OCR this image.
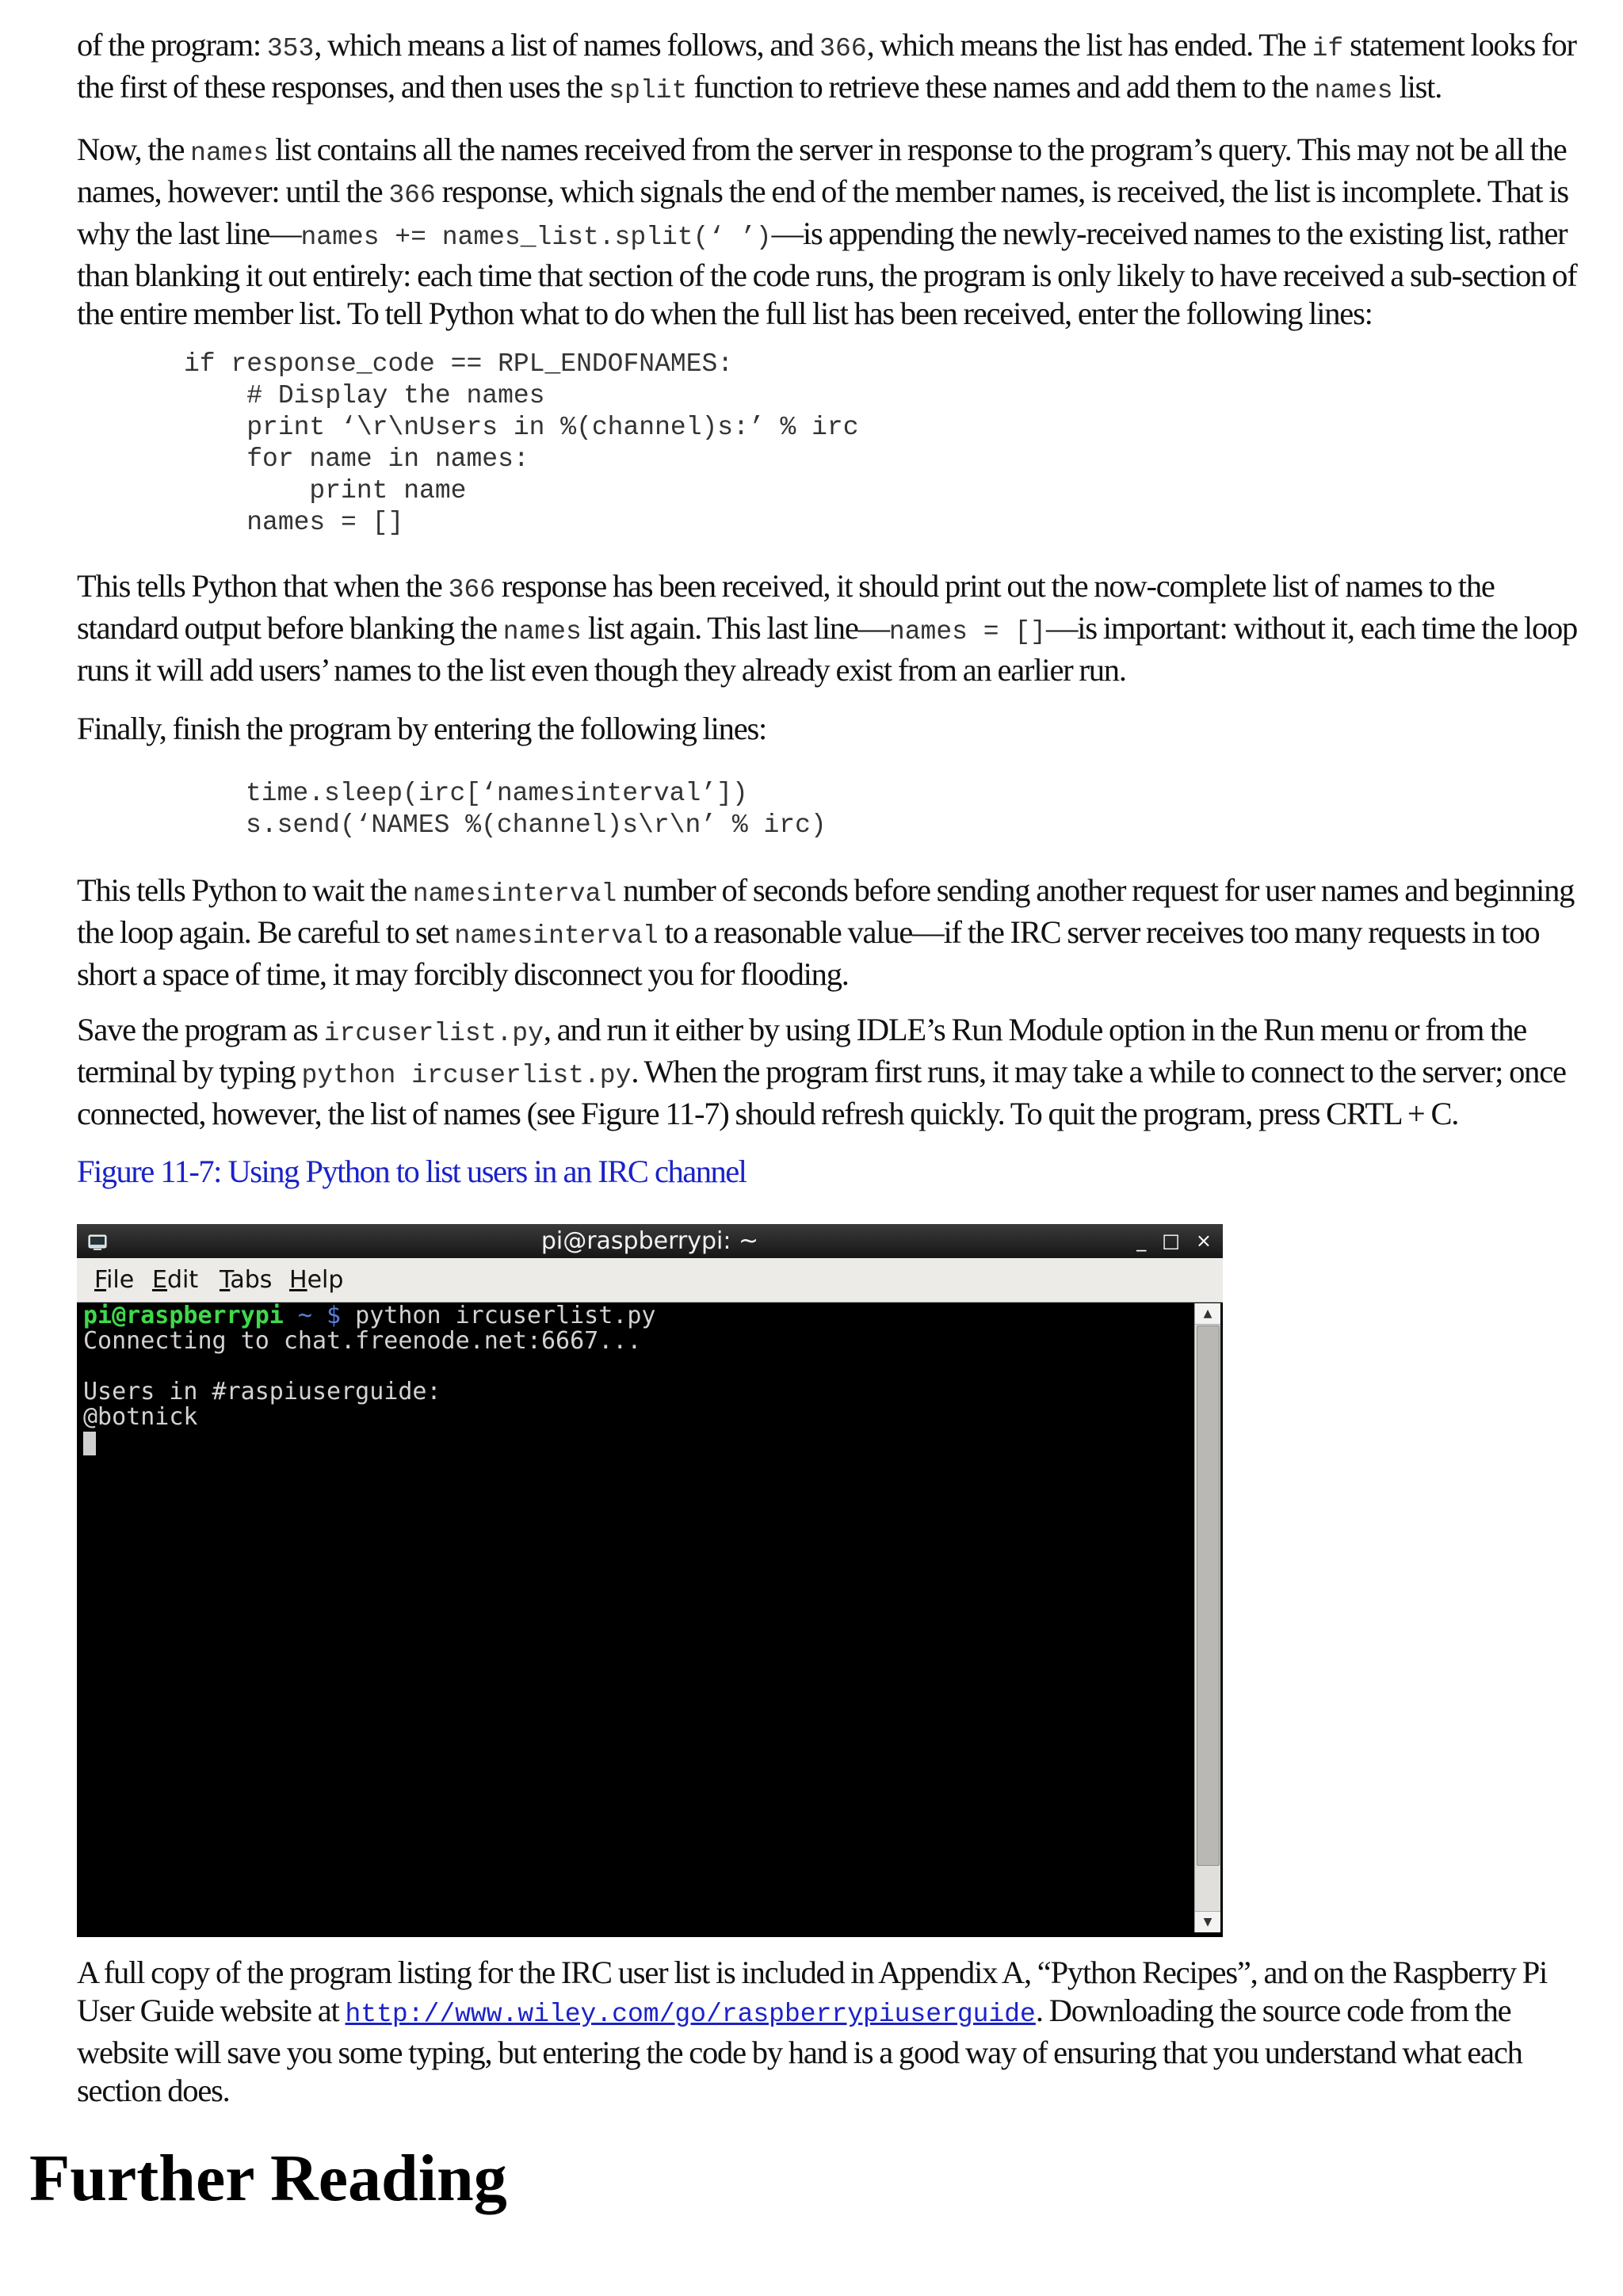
of the program: 353, which means a list of names follows, and 366, which means the list has ended. The if statement looks for the first of these responses, and then uses the split function to retrieve these names and add them to the names list.

Now, the names list contains all the names received from the server in response to the program’s query. This may not be all the names, however: until the 366 response, which signals the end of the member names, is received, the list is incomplete. That is why the last line—names += names_list.split(‘ ’)—is appending the newly-received names to the existing list, rather than blanking it out entirely: each time that section of the code runs, the program is only likely to have received a sub-section of the entire member list. To tell Python what to do when the full list has been received, enter the following lines:

if response_code == RPL_ENDOFNAMES:
# Display the names
print ‘\r\nUsers in %(channel)s:’ % irc
for name in names:
print name
names = []

This tells Python that when the 366 response has been received, it should print out the now-complete list of names to the standard output before blanking the names list again. This last line—names = []—is important: without it, each time the loop runs it will add users’ names to the list even though they already exist from an earlier run.

Finally, finish the program by entering the following lines:

time.sleep(irc[‘namesinterval’])
s.send(‘NAMES %(channel)s\r\n’ % irc)

This tells Python to wait the namesinterval number of seconds before sending another request for user names and beginning the loop again. Be careful to set namesinterval to a reasonable value—if the IRC server receives too many requests in too short a space of time, it may forcibly disconnect you for flooding.

Save the program as ircuserlist.py, and run it either by using IDLE’s Run Module option in the Run menu or from the terminal by typing python ircuserlist.py. When the program first runs, it may take a while to connect to the server; once connected, however, the list of names (see Figure 11-7) should refresh quickly. To quit the program, press CRTL + C.

Figure 11-7: Using Python to list users in an IRC channel

pi@raspberrypi: ~	_ □ ×
File Edit Tabs Help
pi@raspberrypi ~ $ python ircuserlist.py
Connecting to chat.freenode.net:6667...
Users in #raspiuserguide:
@botnick
▲
▼

A full copy of the program listing for the IRC user list is included in Appendix A, “Python Recipes”, and on the Raspberry Pi User Guide website at http://www.wiley.com/go/raspberrypiuserguide. Downloading the source code from the website will save you some typing, but entering the code by hand is a good way of ensuring that you understand what each section does.

Further Reading
